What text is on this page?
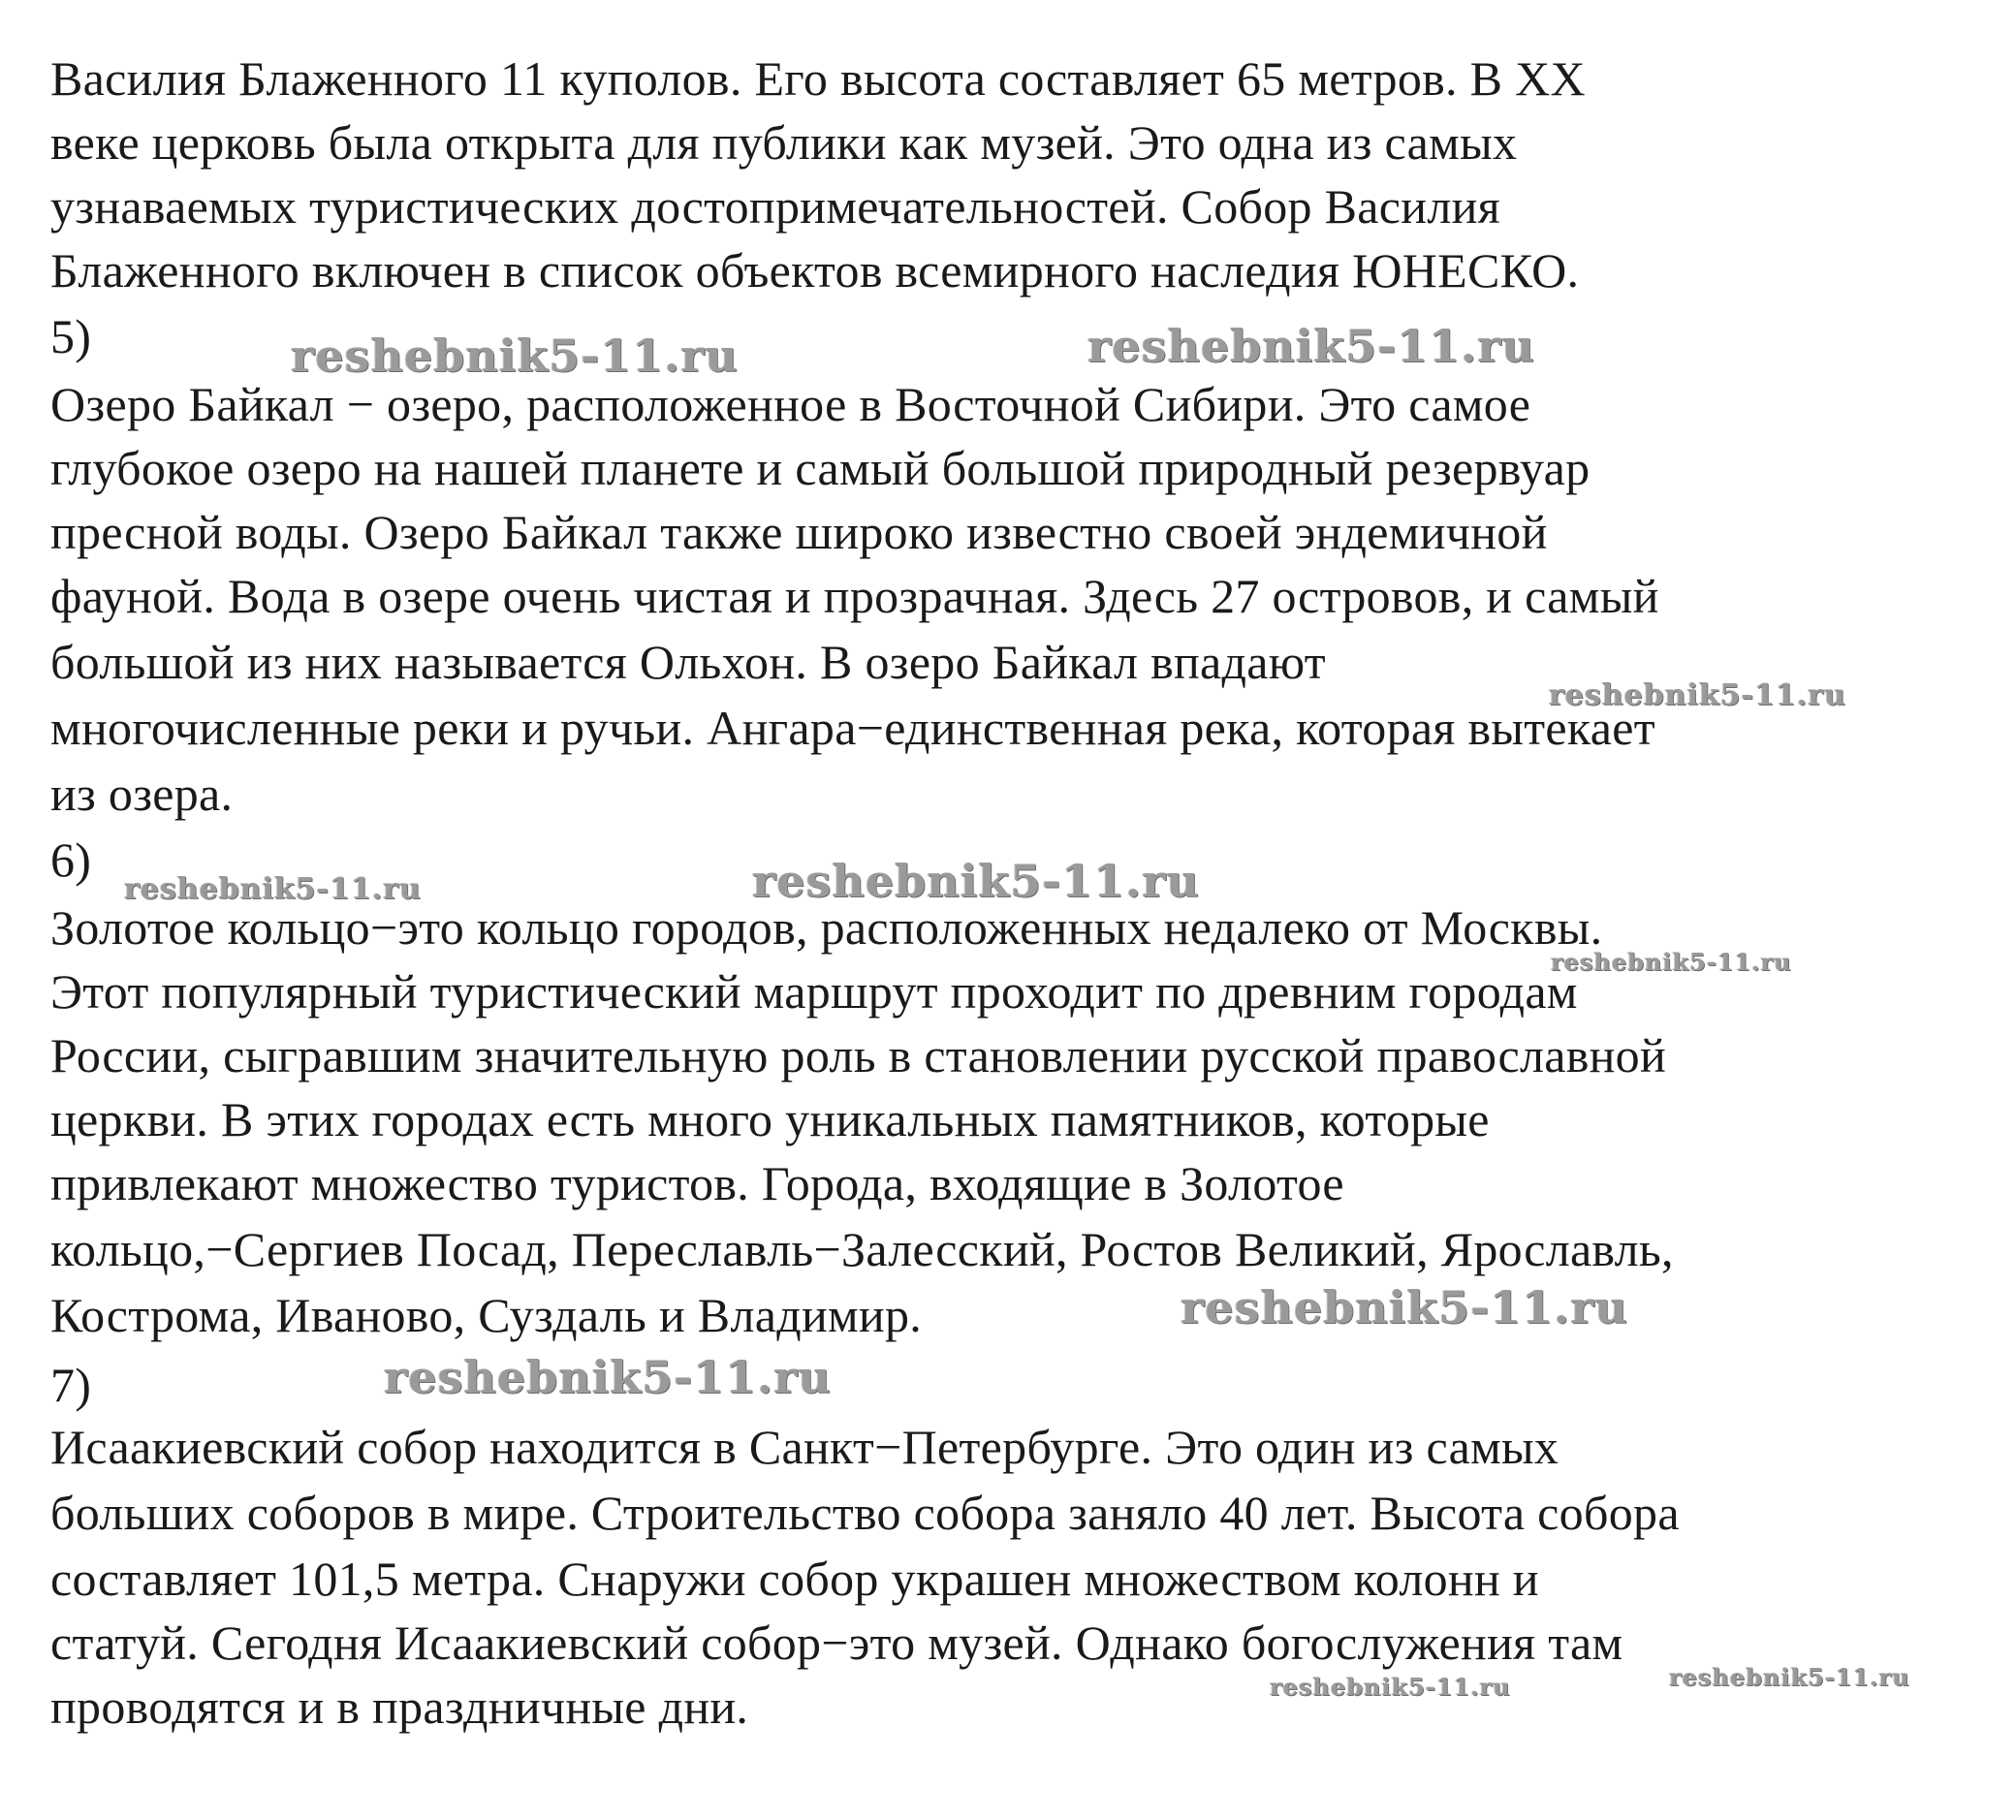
Василия Блаженного 11 куполов. Его высота составляет 65 метров. В XX
веке церковь была открыта для публики как музей. Это одна из самых
узнаваемых туристических достопримечательностей. Собор Василия
Блаженного включен в список объектов всемирного наследия ЮНЕСКО.
5)
Озеро Байкал − озеро, расположенное в Восточной Сибири. Это самое
глубокое озеро на нашей планете и самый большой природный резервуар
пресной воды. Озеро Байкал также широко известно своей эндемичной
фауной. Вода в озере очень чистая и прозрачная. Здесь 27 островов, и самый
большой из них называется Ольхон. В озеро Байкал впадают
многочисленные реки и ручьи. Ангара−единственная река, которая вытекает
из озера.
6)
Золотое кольцо−это кольцо городов, расположенных недалеко от Москвы.
Этот популярный туристический маршрут проходит по древним городам
России, сыгравшим значительную роль в становлении русской православной
церкви. В этих городах есть много уникальных памятников, которые
привлекают множество туристов. Города, входящие в Золотое
кольцо,−Сергиев Посад, Переславль−Залесский, Ростов Великий, Ярославль,
Кострома, Иваново, Суздаль и Владимир.
7)
Исаакиевский собор находится в Санкт−Петербурге. Это один из самых
больших соборов в мире. Строительство собора заняло 40 лет. Высота собора
составляет 101,5 метра. Снаружи собор украшен множеством колонн и
статуй. Сегодня Исаакиевский собор−это музей. Однако богослужения там
проводятся и в праздничные дни.
reshebnik5-11.ru	reshebnik5-11.ru
reshebnik5-11.ru
reshebnik5-11.ru	reshebnik5-11.ru
reshebnik5-11.ru
reshebnik5-11.ru
reshebnik5-11.ru
reshebnik5-11.ru	reshebnik5-11.ru
